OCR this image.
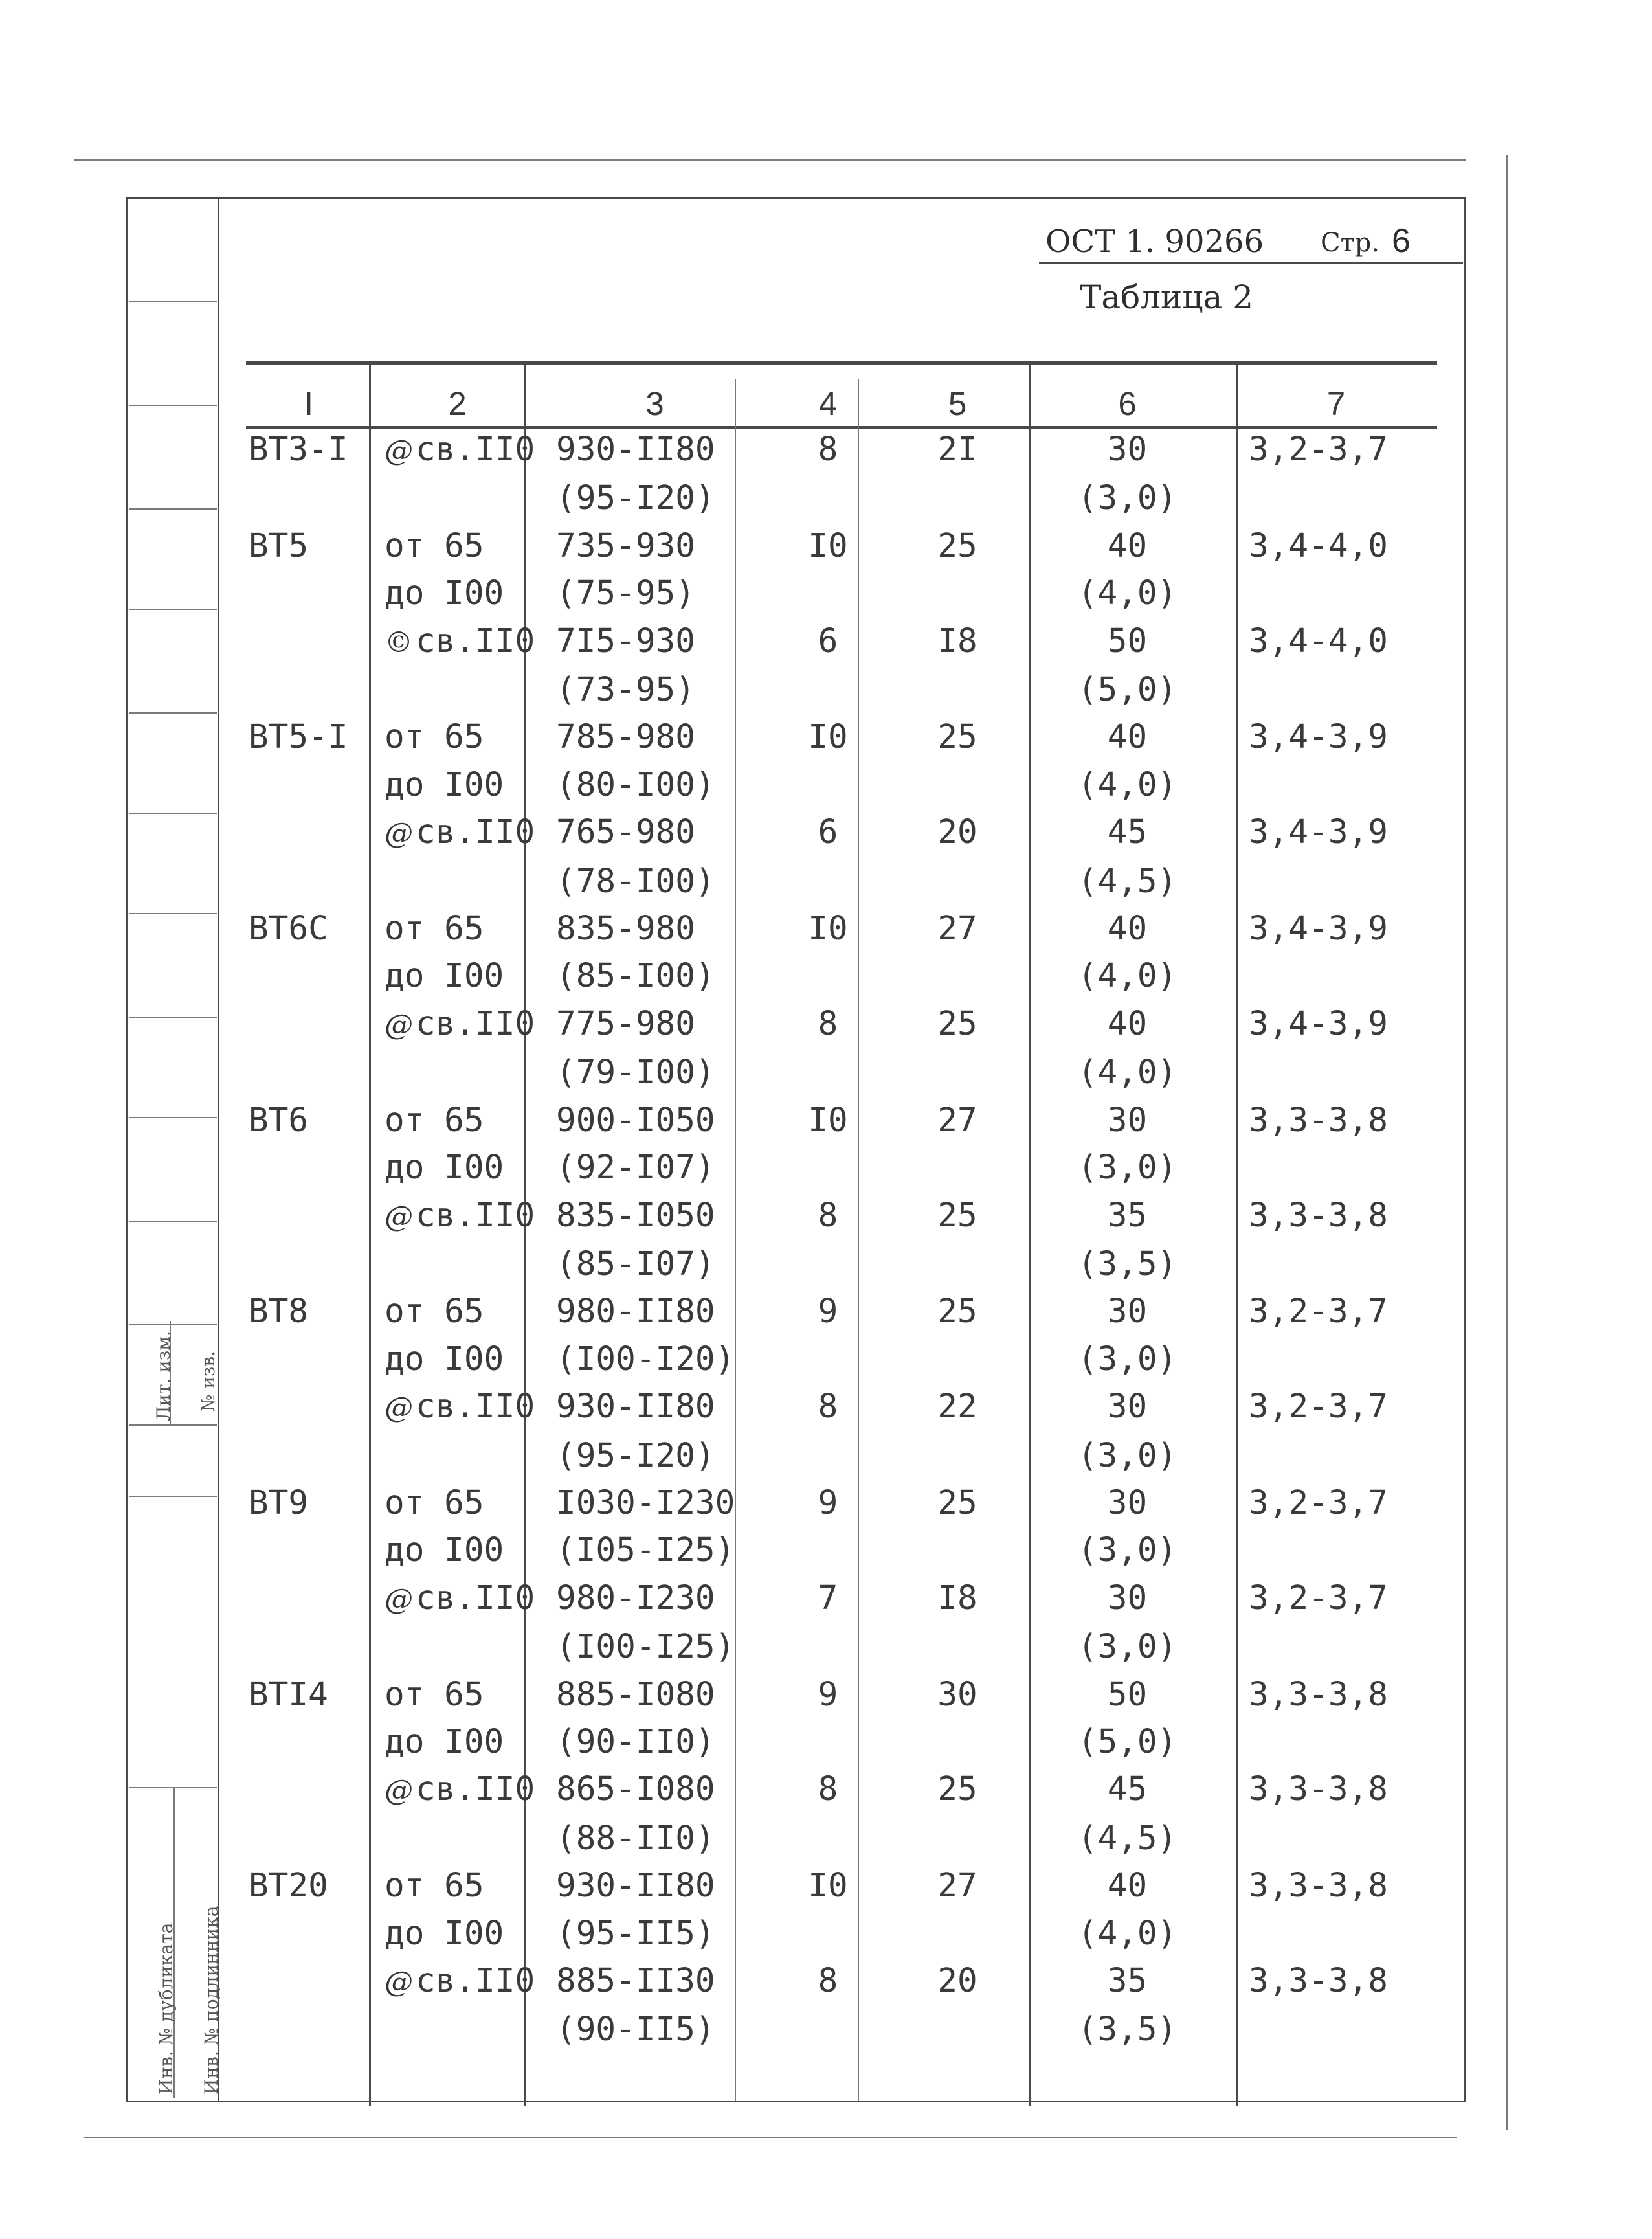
Лит. изм. № изв.
Инв. № дубликата Инв. № подлинника
ОСТ 1. 90266 Стр. 6
Таблица 2
I	2	3	4	5	6	7
ВТ3-I	@св.II0	930-II80	8	2I	30	3,2-3,7
		(95-I20)			(3,0)	
ВТ5	от 65	735-930	I0	25	40	3,4-4,0
	до I00	(75-95)			(4,0)	
	©св.II0	7I5-930	6	I8	50	3,4-4,0
		(73-95)			(5,0)	
ВТ5-I	от 65	785-980	I0	25	40	3,4-3,9
	до I00	(80-I00)			(4,0)	
	@св.II0	765-980	6	20	45	3,4-3,9
		(78-I00)			(4,5)	
ВТ6С	от 65	835-980	I0	27	40	3,4-3,9
	до I00	(85-I00)			(4,0)	
	@св.II0	775-980	8	25	40	3,4-3,9
		(79-I00)			(4,0)	
ВТ6	от 65	900-I050	I0	27	30	3,3-3,8
	до I00	(92-I07)			(3,0)	
	@св.II0	835-I050	8	25	35	3,3-3,8
		(85-I07)			(3,5)	
ВТ8	от 65	980-II80	9	25	30	3,2-3,7
	до I00	(I00-I20)			(3,0)	
	@св.II0	930-II80	8	22	30	3,2-3,7
		(95-I20)			(3,0)	
ВТ9	от 65	I030-I230	9	25	30	3,2-3,7
	до I00	(I05-I25)			(3,0)	
	@св.II0	980-I230	7	I8	30	3,2-3,7
		(I00-I25)			(3,0)	
ВТI4	от 65	885-I080	9	30	50	3,3-3,8
	до I00	(90-II0)			(5,0)	
	@св.II0	865-I080	8	25	45	3,3-3,8
		(88-II0)			(4,5)	
ВТ20	от 65	930-II80	I0	27	40	3,3-3,8
	до I00	(95-II5)			(4,0)	
	@св.II0	885-II30	8	20	35	3,3-3,8
		(90-II5)			(3,5)	
